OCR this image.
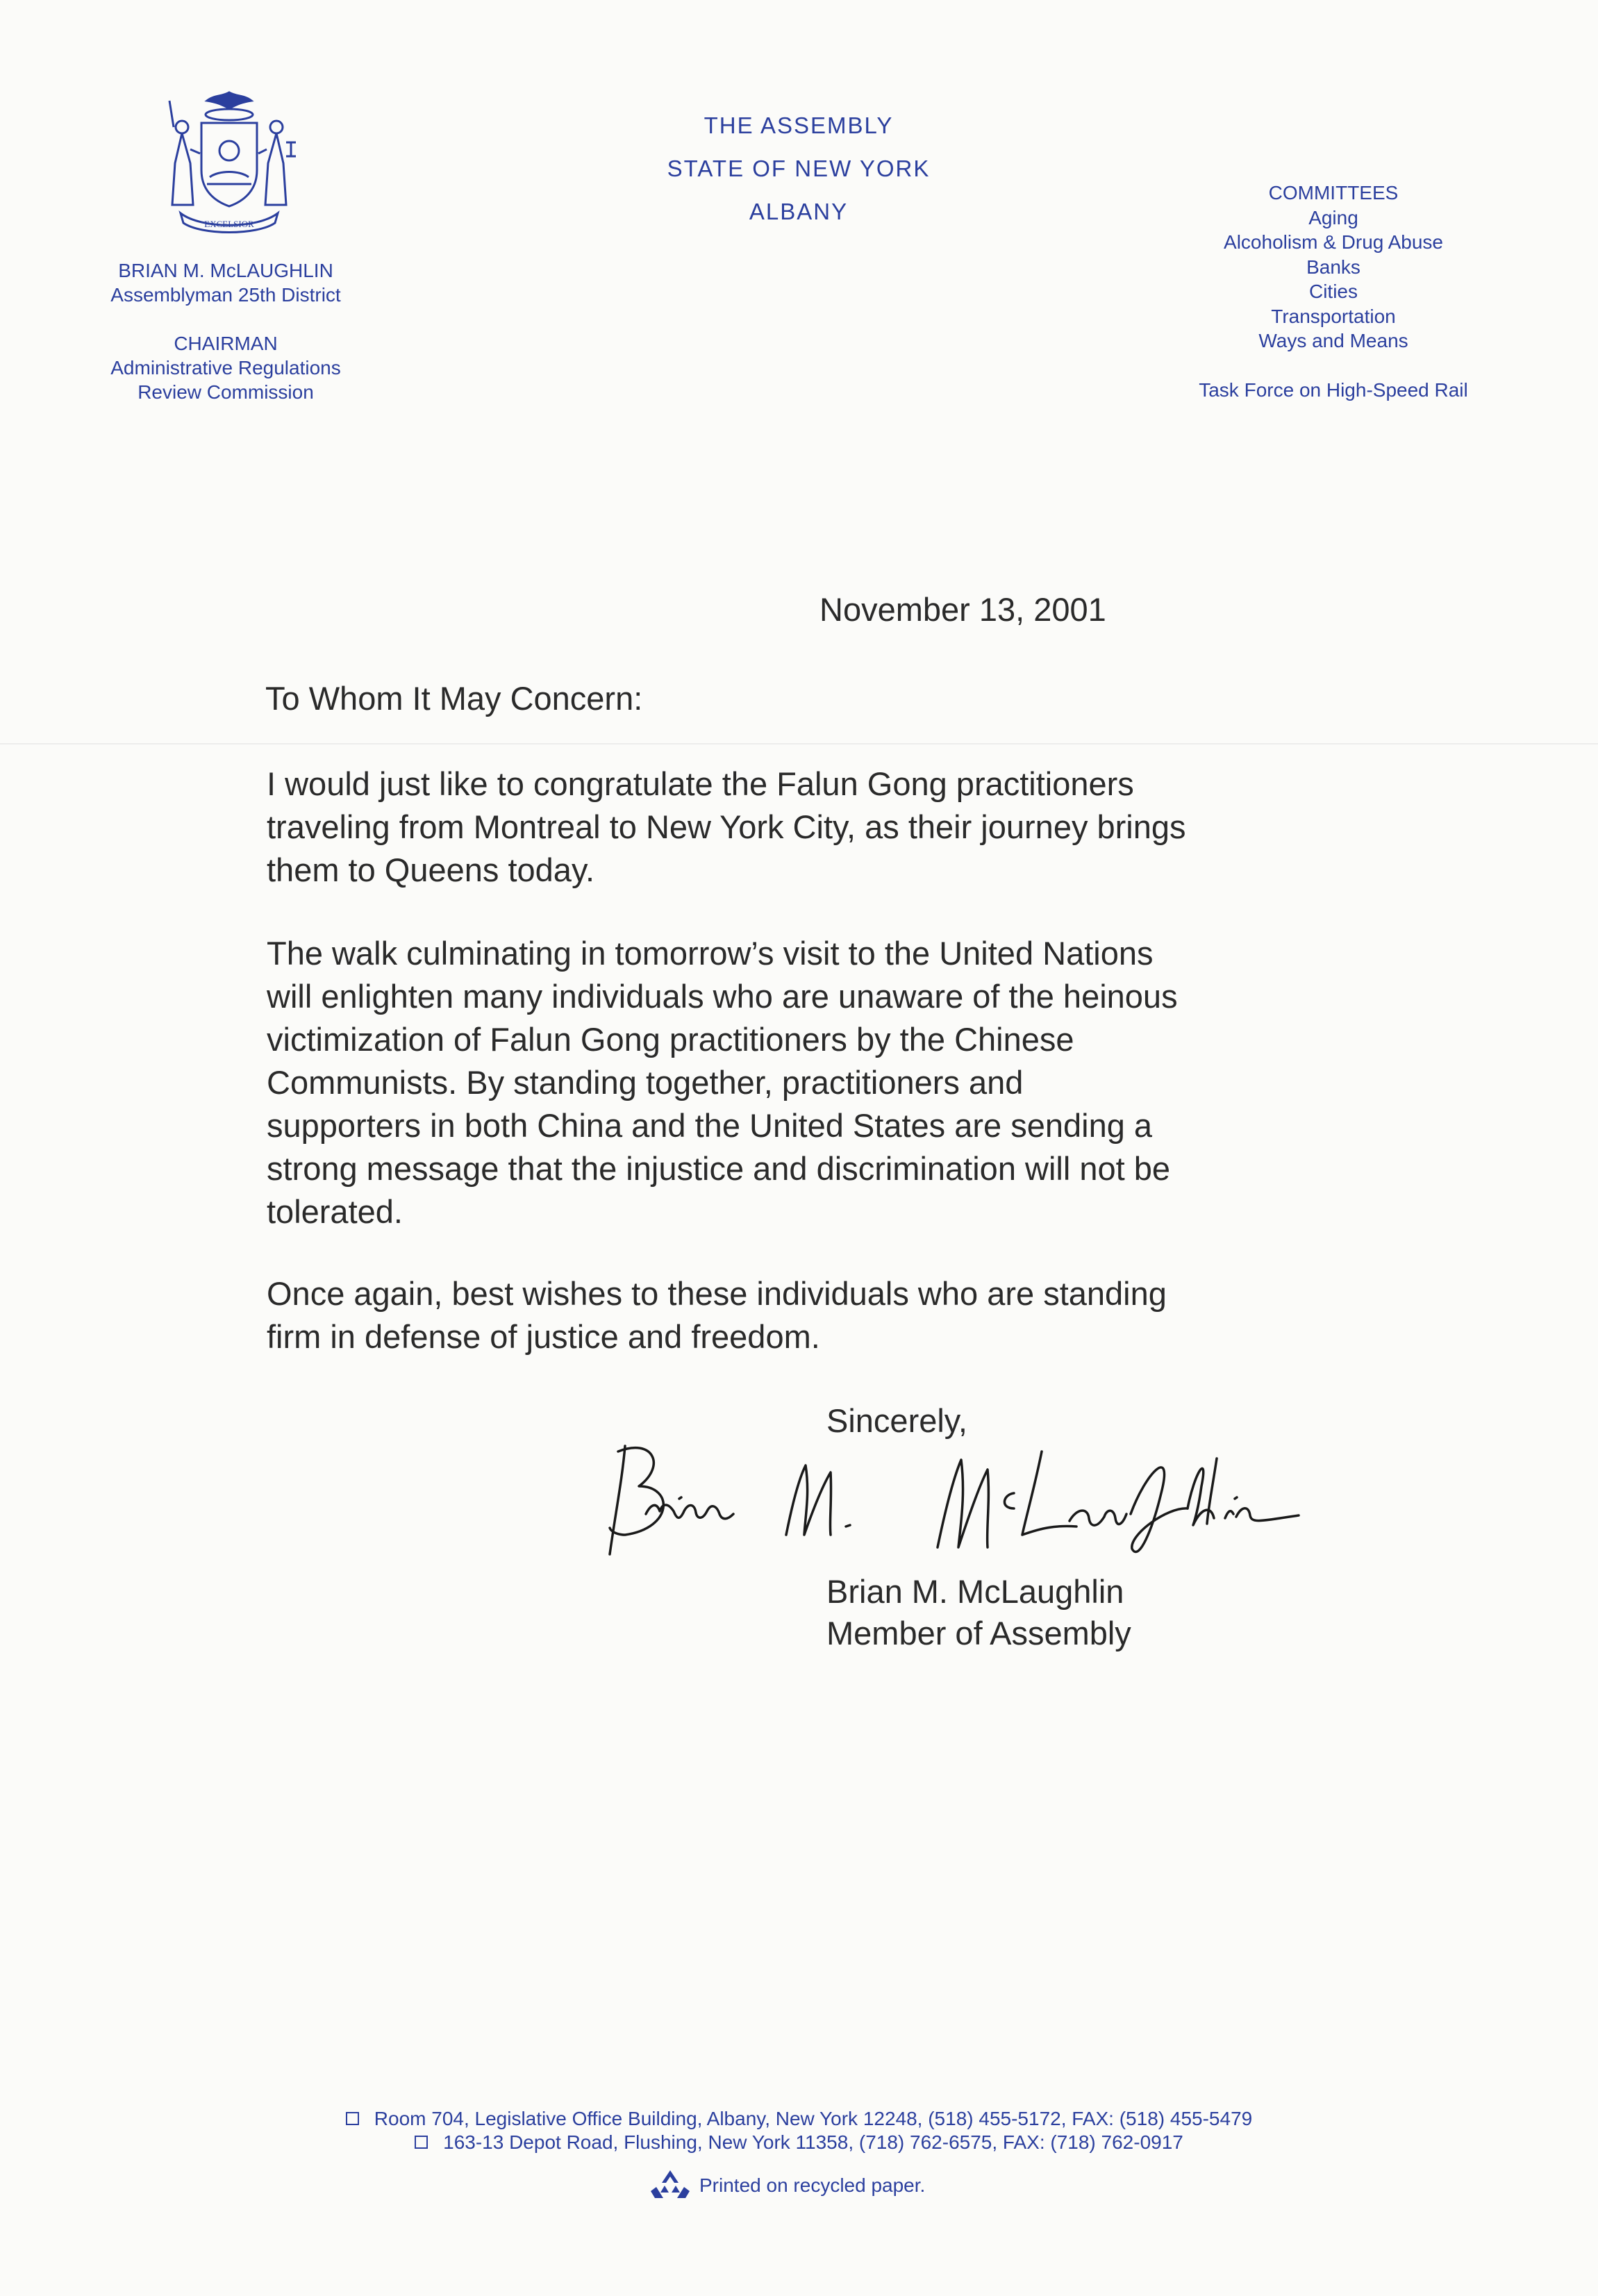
EXCELSIOR
THE ASSEMBLY
STATE OF NEW YORK
ALBANY
BRIAN M. McLAUGHLIN
Assemblyman 25th District
CHAIRMAN
Administrative Regulations
Review Commission
COMMITTEES
Aging
Alcoholism & Drug Abuse
Banks
Cities
Transportation
Ways and Means
Task Force on High-Speed Rail
November 13, 2001
To Whom It May Concern:
I would just like to congratulate the Falun Gong practitioners
traveling from Montreal to New York City, as their journey brings
them to Queens today.
The walk culminating in tomorrow’s visit to the United Nations
will enlighten many individuals who are unaware of the heinous
victimization of Falun Gong practitioners by the Chinese
Communists. By standing together, practitioners and
supporters in both China and the United States are sending a
strong message that the injustice and discrimination will not be
tolerated.
Once again, best wishes to these individuals who are standing
firm in defense of justice and freedom.
Sincerely,
Brian M. McLaughlin
Member of Assembly
Room 704, Legislative Office Building, Albany, New York 12248, (518) 455-5172, FAX: (518) 455-5479
163-13 Depot Road, Flushing, New York 11358, (718) 762-6575, FAX: (718) 762-0917
Printed on recycled paper.
